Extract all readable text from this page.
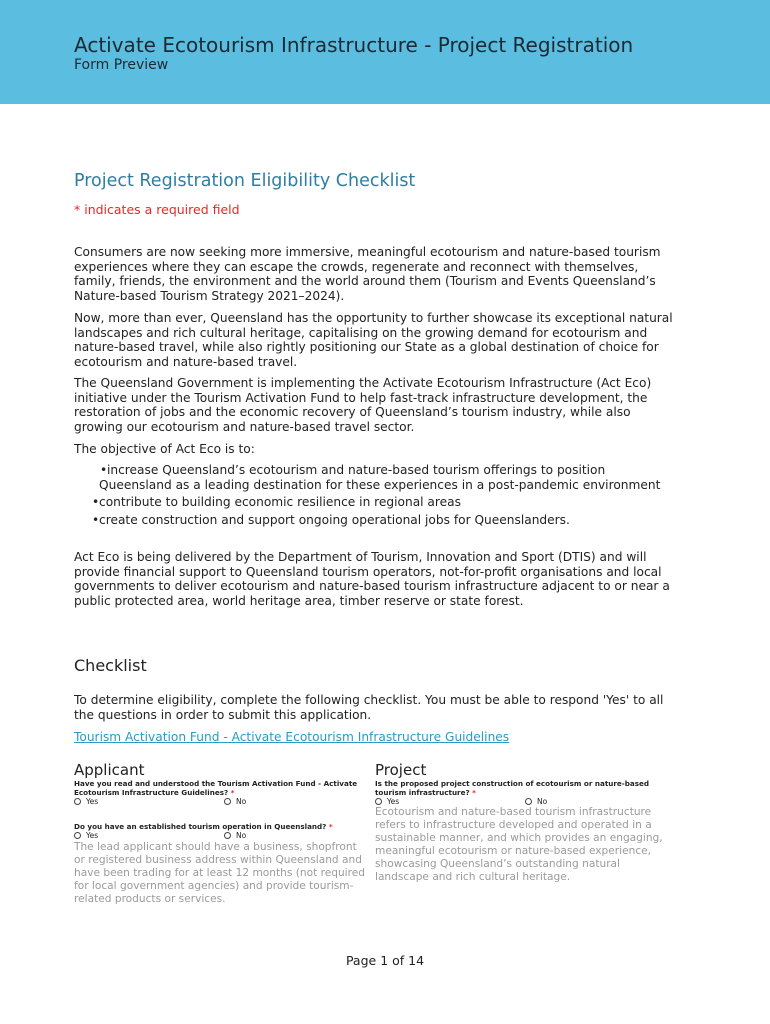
Activate Ecotourism Infrastructure - Project Registration
Form Preview
Project Registration Eligibility Checklist
* indicates a required field

Consumers are now seeking more immersive, meaningful ecotourism and nature-based tourism experiences where they can escape the crowds, regenerate and reconnect with themselves, family, friends, the environment and the world around them (Tourism and Events Queensland’s Nature-based Tourism Strategy 2021–2024).

Now, more than ever, Queensland has the opportunity to further showcase its exceptional natural landscapes and rich cultural heritage, capitalising on the growing demand for ecotourism and nature-based travel, while also rightly positioning our State as a global destination of choice for ecotourism and nature-based travel.

The Queensland Government is implementing the Activate Ecotourism Infrastructure (Act Eco) initiative under the Tourism Activation Fund to help fast-track infrastructure development, the restoration of jobs and the economic recovery of Queensland’s tourism industry, while also growing our ecotourism and nature-based travel sector.

The objective of Act Eco is to:

• increase Queensland’s ecotourism and nature-based tourism offerings to position Queensland as a leading destination for these experiences in a post-pandemic environment
• contribute to building economic resilience in regional areas
• create construction and support ongoing operational jobs for Queenslanders.

Act Eco is being delivered by the Department of Tourism, Innovation and Sport (DTIS) and will provide financial support to Queensland tourism operators, not-for-profit organisations and local governments to deliver ecotourism and nature-based tourism infrastructure adjacent to or near a public protected area, world heritage area, timber reserve or state forest.

Checklist

To determine eligibility, complete the following checklist. You must be able to respond 'Yes' to all the questions in order to submit this application.

Tourism Activation Fund - Activate Ecotourism Infrastructure Guidelines
Applicant
Have you read and understood the Tourism Activation Fund - Activate Ecotourism Infrastructure Guidelines? *
Yes	No
Do you have an established tourism operation in Queensland? *
Yes	No
The lead applicant should have a business, shopfront or registered business address within Queensland and have been trading for at least 12 months (not required for local government agencies) and provide tourism-related products or services.
Project
Is the proposed project construction of ecotourism or nature-based tourism infrastructure? *
Yes	No
Ecotourism and nature-based tourism infrastructure refers to infrastructure developed and operated in a sustainable manner, and which provides an engaging, meaningful ecotourism or nature-based experience, showcasing Queensland’s outstanding natural landscape and rich cultural heritage.
Page 1 of 14
